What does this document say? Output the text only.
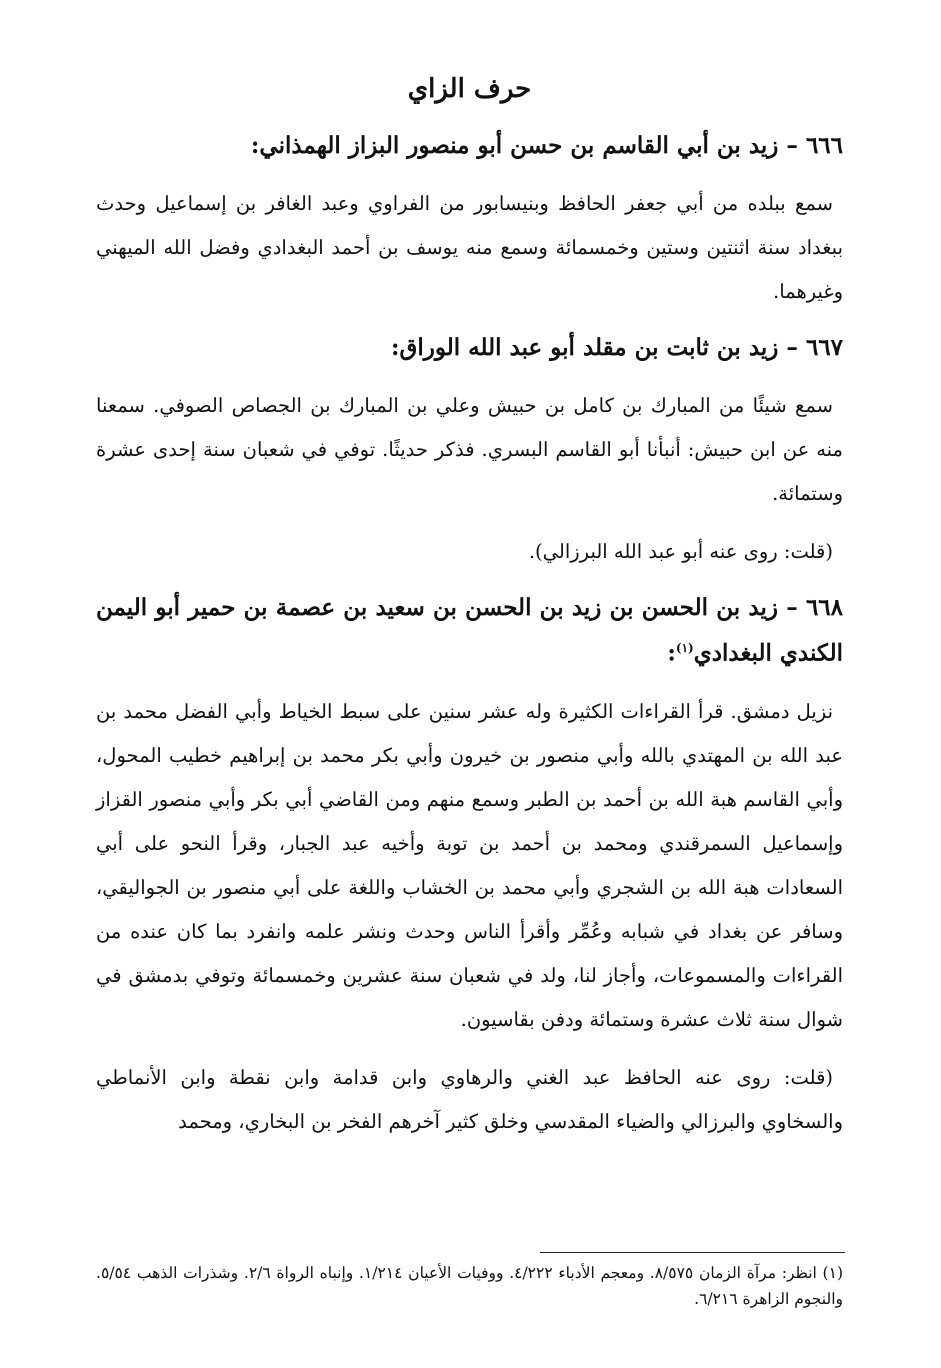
حرف الزاي
٦٦٦ – زيد بن أبي القاسم بن حسن أبو منصور البزاز الهمذاني:

سمع ببلده من أبي جعفر الحافظ وبنيسابور من الفراوي وعبد الغافر بن إسماعيل وحدث ببغداد سنة اثنتين وستين وخمسمائة وسمع منه يوسف بن أحمد البغدادي وفضل الله الميهني وغيرهما.

٦٦٧ – زيد بن ثابت بن مقلد أبو عبد الله الوراق:

سمع شيئًا من المبارك بن كامل بن حبيش وعلي بن المبارك بن الجصاص الصوفي. سمعنا منه عن ابن حبيش: أنبأنا أبو القاسم البسري. فذكر حديثًا. توفي في شعبان سنة إحدى عشرة وستمائة.

(قلت: روى عنه أبو عبد الله البرزالي).

٦٦٨ – زيد بن الحسن بن زيد بن الحسن بن سعيد بن عصمة بن حمير أبو اليمن الكندي البغدادي$^{(١)}$:

نزيل دمشق. قرأ القراءات الكثيرة وله عشر سنين على سبط الخياط وأبي الفضل محمد بن عبد الله بن المهتدي بالله وأبي منصور بن خيرون وأبي بكر محمد بن إبراهيم خطيب المحول، وأبي القاسم هبة الله بن أحمد بن الطبر وسمع منهم ومن القاضي أبي بكر وأبي منصور القزاز وإسماعيل السمرقندي ومحمد بن أحمد بن توبة وأخيه عبد الجبار، وقرأ النحو على أبي السعادات هبة الله بن الشجري وأبي محمد بن الخشاب واللغة على أبي منصور بن الجواليقي، وسافر عن بغداد في شبابه وعُمِّر وأقرأ الناس وحدث ونشر علمه وانفرد بما كان عنده من القراءات والمسموعات، وأجاز لنا، ولد في شعبان سنة عشرين وخمسمائة وتوفي بدمشق في شوال سنة ثلاث عشرة وستمائة ودفن بقاسيون.

(قلت: روى عنه الحافظ عبد الغني والرهاوي وابن قدامة وابن نقطة وابن الأنماطي والسخاوي والبرزالي والضياء المقدسي وخلق كثير آخرهم الفخر بن البخاري، ومحمد

(١) انظر: مرآة الزمان ٨/٥٧٥. ومعجم الأدباء ٤/٢٢٢. ووفيات الأعيان ١/٢١٤. وإنباه الرواة ٢/٦. وشذرات الذهب ٥/٥٤. والنجوم الزاهرة ٦/٢١٦.
